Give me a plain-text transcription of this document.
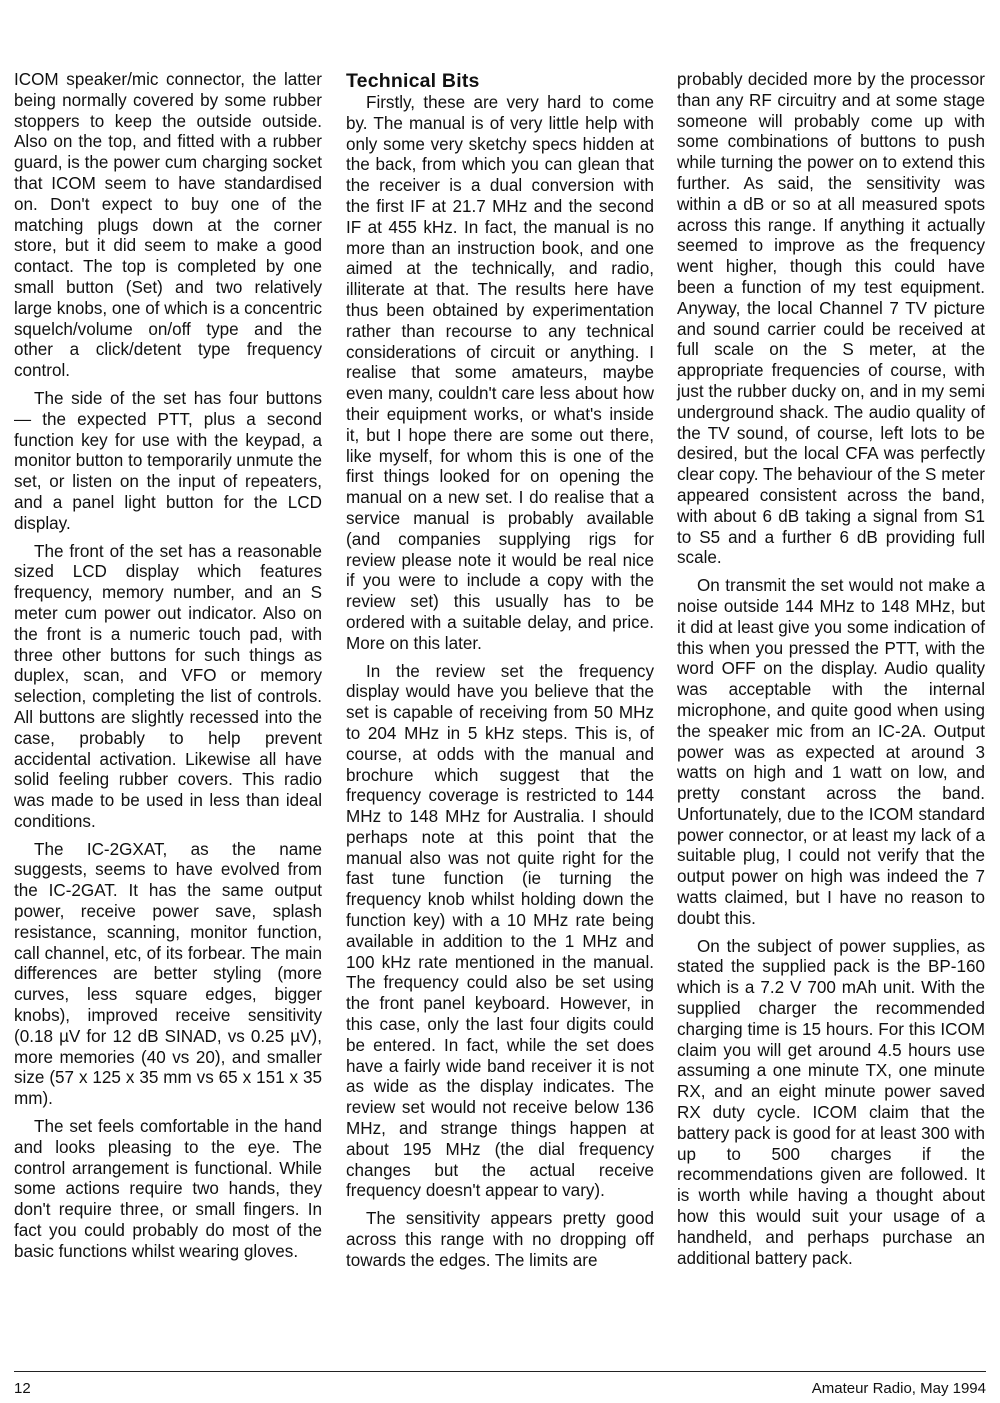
ICOM speaker/mic connector, the latter being normally covered by some rubber stoppers to keep the outside outside. Also on the top, and fitted with a rubber guard, is the power cum charging socket that ICOM seem to have standardised on. Don't expect to buy one of the matching plugs down at the corner store, but it did seem to make a good contact. The top is completed by one small button (Set) and two relatively large knobs, one of which is a concentric squelch/volume on/off type and the other a click/detent type frequency control.

The side of the set has four buttons — the expected PTT, plus a second function key for use with the keypad, a monitor button to temporarily unmute the set, or listen on the input of repeaters, and a panel light button for the LCD display.

The front of the set has a reasonable sized LCD display which features frequency, memory number, and an S meter cum power out indicator. Also on the front is a numeric touch pad, with three other buttons for such things as duplex, scan, and VFO or memory selection, completing the list of controls. All buttons are slightly recessed into the case, probably to help prevent accidental activation. Likewise all have solid feeling rubber covers. This radio was made to be used in less than ideal conditions.

The IC-2GXAT, as the name suggests, seems to have evolved from the IC-2GAT. It has the same output power, receive power save, splash resistance, scanning, monitor function, call channel, etc, of its forbear. The main differences are better styling (more curves, less square edges, bigger knobs), improved receive sensitivity (0.18 µV for 12 dB SINAD, vs 0.25 µV), more memories (40 vs 20), and smaller size (57 x 125 x 35 mm vs 65 x 151 x 35 mm).

The set feels comfortable in the hand and looks pleasing to the eye. The control arrangement is functional. While some actions require two hands, they don't require three, or small fingers. In fact you could probably do most of the basic functions whilst wearing gloves.

Technical Bits

Firstly, these are very hard to come by. The manual is of very little help with only some very sketchy specs hidden at the back, from which you can glean that the receiver is a dual conversion with the first IF at 21.7 MHz and the second IF at 455 kHz. In fact, the manual is no more than an instruction book, and one aimed at the technically, and radio, illiterate at that. The results here have thus been obtained by experimentation rather than recourse to any technical considerations of circuit or anything. I realise that some amateurs, maybe even many, couldn't care less about how their equipment works, or what's inside it, but I hope there are some out there, like myself, for whom this is one of the first things looked for on opening the manual on a new set. I do realise that a service manual is probably available (and companies supplying rigs for review please note it would be real nice if you were to include a copy with the review set) this usually has to be ordered with a suitable delay, and price. More on this later.

In the review set the frequency display would have you believe that the set is capable of receiving from 50 MHz to 204 MHz in 5 kHz steps. This is, of course, at odds with the manual and brochure which suggest that the frequency coverage is restricted to 144 MHz to 148 MHz for Australia. I should perhaps note at this point that the manual also was not quite right for the fast tune function (ie turning the frequency knob whilst holding down the function key) with a 10 MHz rate being available in addition to the 1 MHz and 100 kHz rate mentioned in the manual. The frequency could also be set using the front panel keyboard. However, in this case, only the last four digits could be entered. In fact, while the set does have a fairly wide band receiver it is not as wide as the display indicates. The review set would not receive below 136 MHz, and strange things happen at about 195 MHz (the dial frequency changes but the actual receive frequency doesn't appear to vary).

The sensitivity appears pretty good across this range with no dropping off towards the edges. The limits are

probably decided more by the processor than any RF circuitry and at some stage someone will probably come up with some combinations of buttons to push while turning the power on to extend this further. As said, the sensitivity was within a dB or so at all measured spots across this range. If anything it actually seemed to improve as the frequency went higher, though this could have been a function of my test equipment. Anyway, the local Channel 7 TV picture and sound carrier could be received at full scale on the S meter, at the appropriate frequencies of course, with just the rubber ducky on, and in my semi underground shack. The audio quality of the TV sound, of course, left lots to be desired, but the local CFA was perfectly clear copy. The behaviour of the S meter appeared consistent across the band, with about 6 dB taking a signal from S1 to S5 and a further 6 dB providing full scale.

On transmit the set would not make a noise outside 144 MHz to 148 MHz, but it did at least give you some indication of this when you pressed the PTT, with the word OFF on the display. Audio quality was acceptable with the internal microphone, and quite good when using the speaker mic from an IC-2A. Output power was as expected at around 3 watts on high and 1 watt on low, and pretty constant across the band. Unfortunately, due to the ICOM standard power connector, or at least my lack of a suitable plug, I could not verify that the output power on high was indeed the 7 watts claimed, but I have no reason to doubt this.

On the subject of power supplies, as stated the supplied pack is the BP-160 which is a 7.2 V 700 mAh unit. With the supplied charger the recommended charging time is 15 hours. For this ICOM claim you will get around 4.5 hours use assuming a one minute TX, one minute RX, and an eight minute power saved RX duty cycle. ICOM claim that the battery pack is good for at least 300 with up to 500 charges if the recommendations given are followed. It is worth while having a thought about how this would suit your usage of a handheld, and perhaps purchase an additional battery pack.

12	Amateur Radio, May 1994
